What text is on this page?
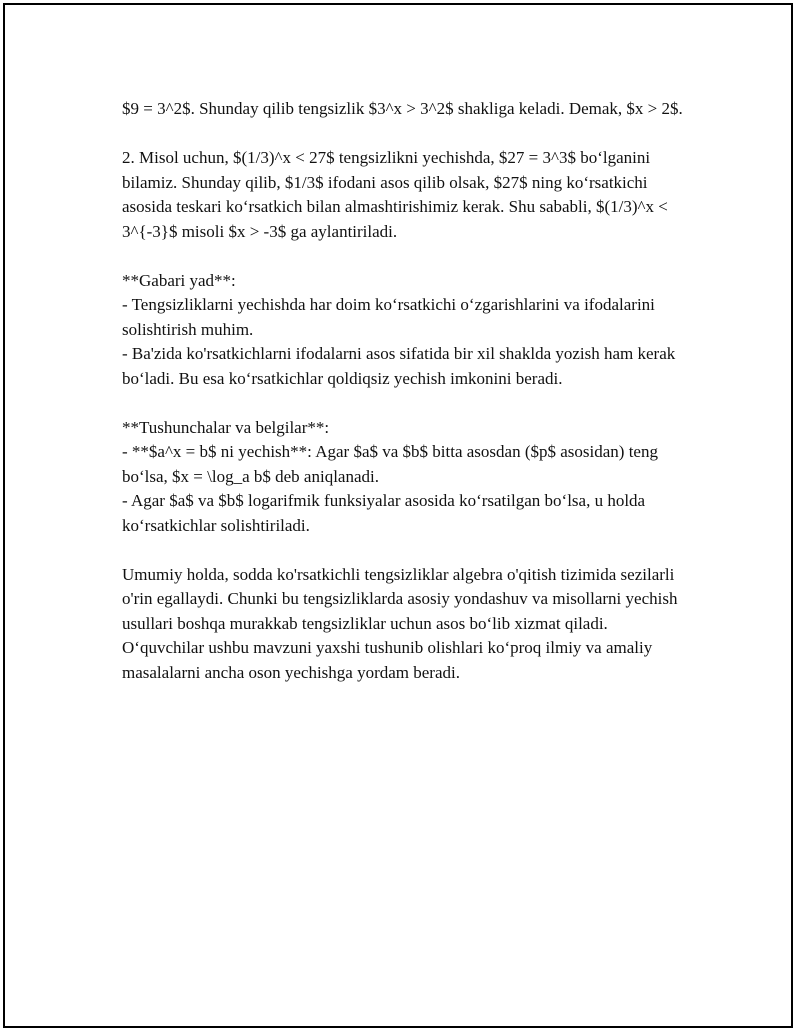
$9 = 3^2$. Shunday qilib tengsizlik $3^x > 3^2$ shakliga keladi. Demak, $x > 2$.

2. Misol uchun, $(1/3)^x < 27$ tengsizlikni yechishda, $27 = 3^3$ bo‘lganini bilamiz. Shunday qilib, $1/3$ ifodani asos qilib olsak, $27$ ning ko‘rsatkichi asosida teskari ko‘rsatkich bilan almashtirishimiz kerak. Shu sababli, $(1/3)^x < 3^{-3}$ misoli $x > -3$ ga aylantiriladi.

**Gabari yad**:
- Tengsizliklarni yechishda har doim ko‘rsatkichi o‘zgarishlarini va ifodalarini solishtirish muhim.
- Ba'zida ko'rsatkichlarni ifodalarni asos sifatida bir xil shaklda yozish ham kerak bo‘ladi. Bu esa ko‘rsatkichlar qoldiqsiz yechish imkonini beradi.

**Tushunchalar va belgilar**:
- **$a^x = b$ ni yechish**: Agar $a$ va $b$ bitta asosdan ($p$ asosidan) teng bo‘lsa, $x = \log_a b$ deb aniqlanadi.
- Agar $a$ va $b$ logarifmik funksiyalar asosida ko‘rsatilgan bo‘lsa, u holda ko‘rsatkichlar solishtiriladi.

Umumiy holda, sodda ko'rsatkichli tengsizliklar algebra o'qitish tizimida sezilarli o'rin egallaydi. Chunki bu tengsizliklarda asosiy yondashuv va misollarni yechish usullari boshqa murakkab tengsizliklar uchun asos bo‘lib xizmat qiladi. O‘quvchilar ushbu mavzuni yaxshi tushunib olishlari ko‘proq ilmiy va amaliy masalalarni ancha oson yechishga yordam beradi.
